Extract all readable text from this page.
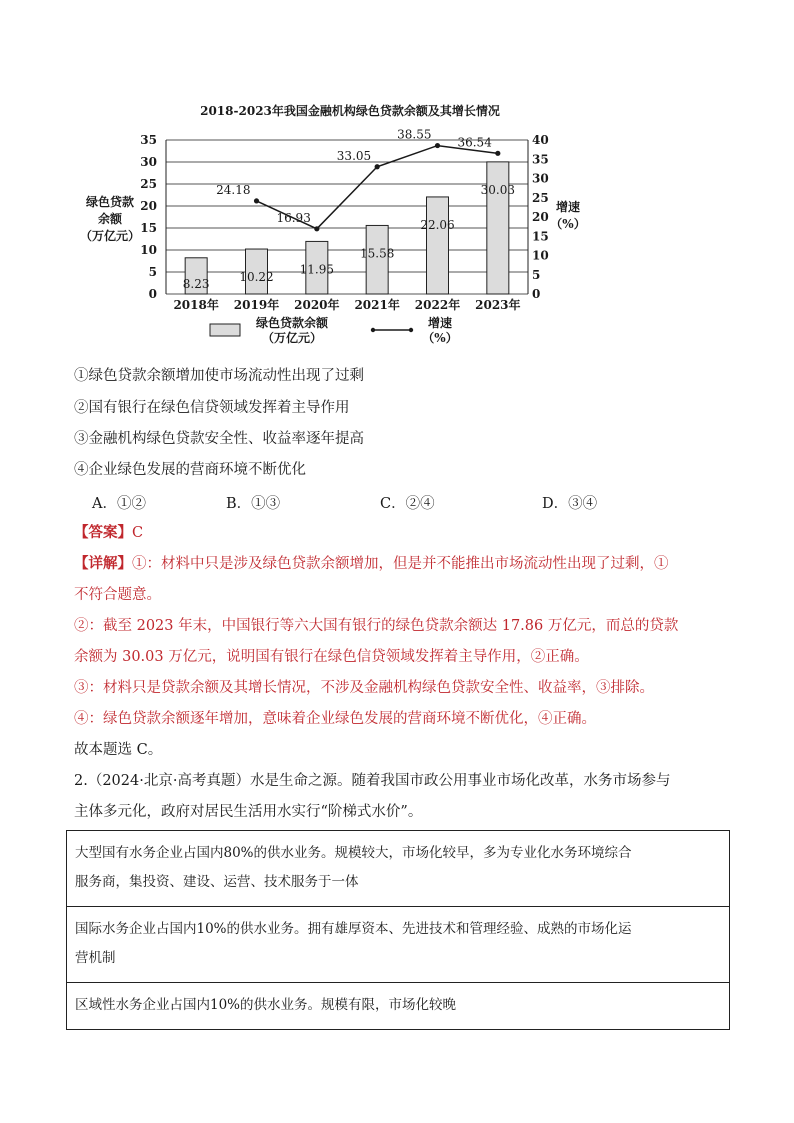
2018-2023年我国金融机构绿色贷款余额及其增长情况
0
5
10
15
20
25
30
35
0
5
10
15
20
25
30
35
40
绿色贷款
余额
（万亿元）
增速
（%）
8.23 10.22
11.95
15.58
22.06
30.03
2018年 2019年 2020年 2021年 2022年 2023年
24.18
16.93
33.05
38.55
36.54
绿色贷款余额
（万亿元）
增速
（%）
①绿色贷款余额增加使市场流动性出现了过剩
②国有银行在绿色信贷领域发挥着主导作用
③金融机构绿色贷款安全性、收益率逐年提高
④企业绿色发展的营商环境不断优化
A．①②	B．①③	C．②④	D．③④
【答案】C
【详解】①：材料中只是涉及绿色贷款余额增加，但是并不能推出市场流动性出现了过剩，①
不符合题意。
②：截至 2023 年末，中国银行等六大国有银行的绿色贷款余额达 17.86 万亿元，而总的贷款
余额为 30.03 万亿元，说明国有银行在绿色信贷领域发挥着主导作用，②正确。
③：材料只是贷款余额及其增长情况，不涉及金融机构绿色贷款安全性、收益率，③排除。
④：绿色贷款余额逐年增加，意味着企业绿色发展的营商环境不断优化，④正确。
故本题选 C。
2.（2024·北京·高考真题）水是生命之源。随着我国市政公用事业市场化改革，水务市场参与
主体多元化，政府对居民生活用水实行“阶梯式水价”。
大型国有水务企业占国内80%的供水业务。规模较大，市场化较早，多为专业化水务环境综合
服务商，集投资、建设、运营、技术服务于一体
国际水务企业占国内10%的供水业务。拥有雄厚资本、先进技术和管理经验、成熟的市场化运
营机制
区域性水务企业占国内10%的供水业务。规模有限，市场化较晚
